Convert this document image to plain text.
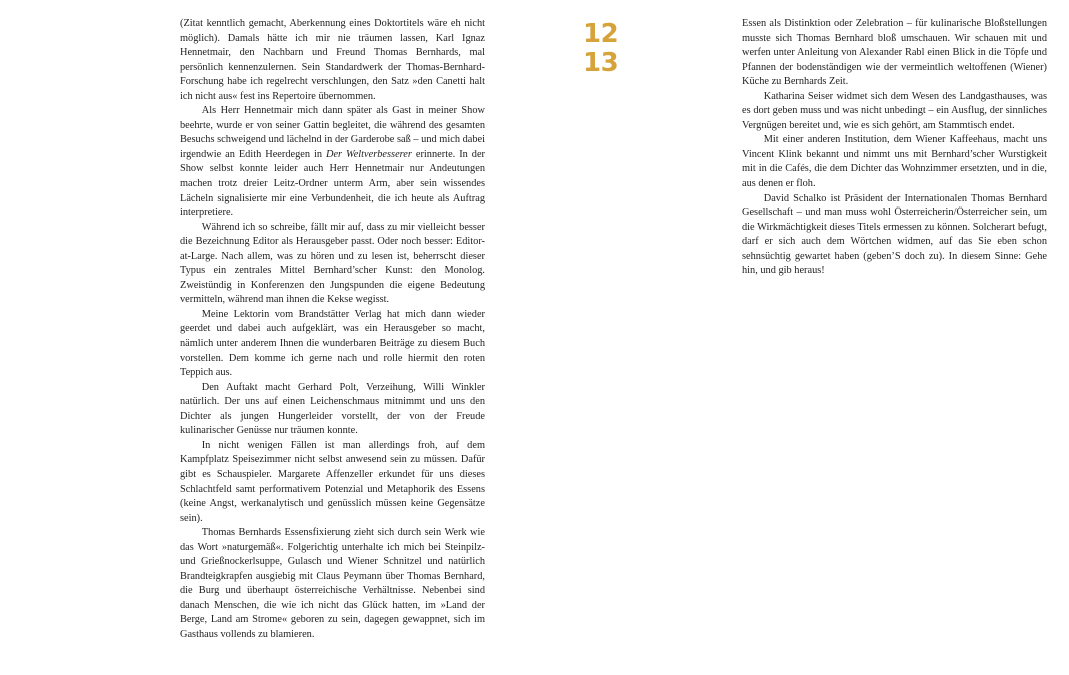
(Zitat kenntlich gemacht, Aberkennung eines Doktortitels wäre eh nicht möglich). Damals hätte ich mir nie träumen lassen, Karl Ignaz Hennetmair, den Nachbarn und Freund Thomas Bernhards, mal persönlich kennenzulernen. Sein Standardwerk der Thomas-Bernhard-Forschung habe ich regelrecht verschlungen, den Satz »den Canetti halt ich nicht aus« fest ins Repertoire übernommen.

Als Herr Hennetmair mich dann später als Gast in meiner Show beehrte, wurde er von seiner Gattin begleitet, die während des gesamten Besuchs schweigend und lächelnd in der Garderobe saß – und mich dabei irgendwie an Edith Heerdegen in Der Weltverbesserer erinnerte. In der Show selbst konnte leider auch Herr Hennetmair nur Andeutungen machen trotz dreier Leitz-Ordner unterm Arm, aber sein wissendes Lächeln signalisierte mir eine Verbundenheit, die ich heute als Auftrag interpretiere.

Während ich so schreibe, fällt mir auf, dass zu mir vielleicht besser die Bezeichnung Editor als Herausgeber passt. Oder noch besser: Editor-at-Large. Nach allem, was zu hören und zu lesen ist, beherrscht dieser Typus ein zentrales Mittel Bernhard’scher Kunst: den Monolog. Zweistündig in Konferenzen den Jungspunden die eigene Bedeutung vermitteln, während man ihnen die Kekse wegisst.

Meine Lektorin vom Brandstätter Verlag hat mich dann wieder geerdet und dabei auch aufgeklärt, was ein Herausgeber so macht, nämlich unter anderem Ihnen die wunderbaren Beiträge zu diesem Buch vorstellen. Dem komme ich gerne nach und rolle hiermit den roten Teppich aus.

Den Auftakt macht Gerhard Polt, Verzeihung, Willi Winkler natürlich. Der uns auf einen Leichenschmaus mitnimmt und uns den Dichter als jungen Hungerleider vorstellt, der von der Freude kulinarischer Genüsse nur träumen konnte.

In nicht wenigen Fällen ist man allerdings froh, auf dem Kampfplatz Speisezimmer nicht selbst anwesend sein zu müssen. Dafür gibt es Schauspieler. Margarete Affenzeller erkundet für uns dieses Schlachtfeld samt performativem Potenzial und Metaphorik des Essens (keine Angst, werkanalytisch und genüsslich müssen keine Gegensätze sein).

Thomas Bernhards Essensfixierung zieht sich durch sein Werk wie das Wort »naturgemäß«. Folgerichtig unterhalte ich mich bei Steinpilz- und Grießnockerlsuppe, Gulasch und Wiener Schnitzel und natürlich Brandteigkrapfen ausgiebig mit Claus Peymann über Thomas Bernhard, die Burg und überhaupt österreichische Verhältnisse. Nebenbei sind danach Menschen, die wie ich nicht das Glück hatten, im »Land der Berge, Land am Strome« geboren zu sein, dagegen gewappnet, sich im Gasthaus vollends zu blamieren.

12
13

Essen als Distinktion oder Zelebration – für kulinarische Bloßstellungen musste sich Thomas Bernhard bloß umschauen. Wir schauen mit und werfen unter Anleitung von Alexander Rabl einen Blick in die Töpfe und Pfannen der bodenständigen wie der vermeintlich weltoffenen (Wiener) Küche zu Bernhards Zeit.

Katharina Seiser widmet sich dem Wesen des Landgasthauses, was es dort geben muss und was nicht unbedingt – ein Ausflug, der sinnliches Vergnügen bereitet und, wie es sich gehört, am Stammtisch endet.

Mit einer anderen Institution, dem Wiener Kaffeehaus, macht uns Vincent Klink bekannt und nimmt uns mit Bernhard’scher Wurstigkeit mit in die Cafés, die dem Dichter das Wohnzimmer ersetzten, und in die, aus denen er floh.

David Schalko ist Präsident der Internationalen Thomas Bernhard Gesellschaft – und man muss wohl Österreicherin/Österreicher sein, um die Wirkmächtigkeit dieses Titels ermessen zu können. Solcherart befugt, darf er sich auch dem Wörtchen widmen, auf das Sie eben schon sehnsüchtig gewartet haben (geben’S doch zu). In diesem Sinne: Gehe hin, und gib heraus!
